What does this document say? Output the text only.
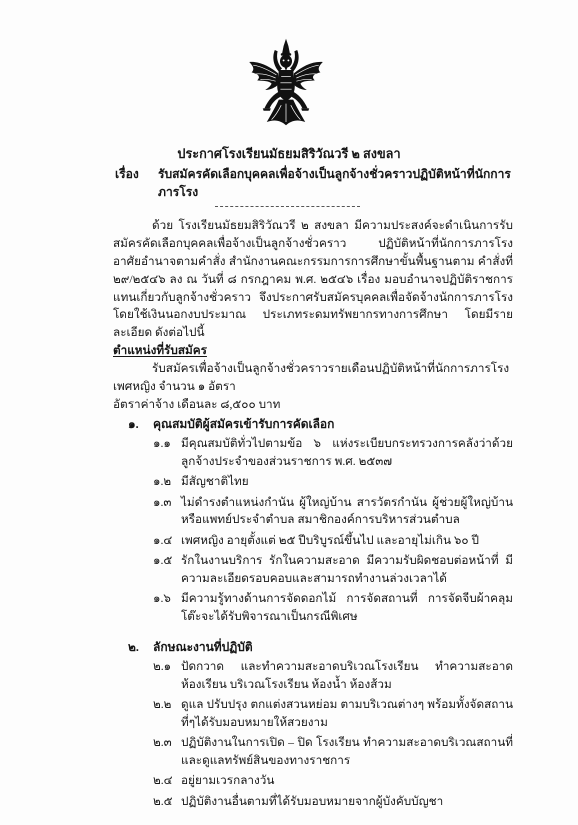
ประกาศโรงเรียนมัธยมสิริวัณวรี ๒ สงขลา
เรื่อง	รับสมัครคัดเลือกบุคคลเพื่อจ้างเป็นลูกจ้างชั่วคราวปฏิบัติหน้าที่นักการภารโรง

ด้วย โรงเรียนมัธยมสิริวัณวรี ๒ สงขลา มีความประสงค์จะดำเนินการรับสมัครคัดเลือกบุคคลเพื่อจ้างเป็นลูกจ้างชั่วคราว ปฏิบัติหน้าที่นักการภารโรง อาศัยอำนาจตามคำสั่ง สำนักงานคณะกรรมการการศึกษาขั้นพื้นฐานตาม คำสั่งที่ ๒๙/๒๕๔๖ ลง ณ วันที่ ๘ กรกฎาคม พ.ศ. ๒๕๔๖ เรื่อง มอบอำนาจปฏิบัติราชการแทนเกี่ยวกับลูกจ้างชั่วคราว จึงประกาศรับสมัครบุคคลเพื่อจัดจ้างนักการภารโรง โดยใช้เงินนอกงบประมาณ ประเภทระดมทรัพยากรทางการศึกษา โดยมีรายละเอียด ดังต่อไปนี้

ตำแหน่งที่รับสมัคร

รับสมัครเพื่อจ้างเป็นลูกจ้างชั่วคราวรายเดือนปฏิบัติหน้าที่นักการภารโรง เพศหญิง จำนวน ๑ อัตรา

อัตราค่าจ้าง เดือนละ ๘,๕๐๐ บาท

๑. คุณสมบัติผู้สมัครเข้ารับการคัดเลือก
๑.๑ มีคุณสมบัติทั่วไปตามข้อ ๖ แห่งระเบียบกระทรวงการคลังว่าด้วยลูกจ้างประจำของส่วนราชการ พ.ศ. ๒๕๓๗
๑.๒ มีสัญชาติไทย
๑.๓ ไม่ดำรงตำแหน่งกำนัน ผู้ใหญ่บ้าน สารวัตรกำนัน ผู้ช่วยผู้ใหญ่บ้าน หรือแพทย์ประจำตำบล สมาชิกองค์การบริหารส่วนตำบล
๑.๔ เพศหญิง อายุตั้งแต่ ๒๕ ปีบริบูรณ์ขึ้นไป และอายุไม่เกิน ๖๐ ปี
๑.๕ รักในงานบริการ รักในความสะอาด มีความรับผิดชอบต่อหน้าที่ มีความละเอียดรอบคอบและสามารถทำงานล่วงเวลาได้
๑.๖ มีความรู้ทางด้านการจัดดอกไม้ การจัดสถานที่ การจัดจีบผ้าคลุมโต๊ะจะได้รับพิจารณาเป็นกรณีพิเศษ
๒. ลักษณะงานที่ปฏิบัติ
๒.๑ ปัดกวาด และทำความสะอาดบริเวณโรงเรียน ทำความสะอาดห้องเรียน บริเวณโรงเรียน ห้องน้ำ ห้องส้วม
๒.๒ ดูแล ปรับปรุง ตกแต่งสวนหย่อม ตามบริเวณต่างๆ พร้อมทั้งจัดสถานที่ๆได้รับมอบหมายให้สวยงาม
๒.๓ ปฏิบัติงานในการเปิด – ปิด โรงเรียน ทำความสะอาดบริเวณสถานที่และดูแลทรัพย์สินของทางราชการ
๒.๔ อยู่ยามเวรกลางวัน
๒.๕ ปฏิบัติงานอื่นตามที่ได้รับมอบหมายจากผู้บังคับบัญชา
